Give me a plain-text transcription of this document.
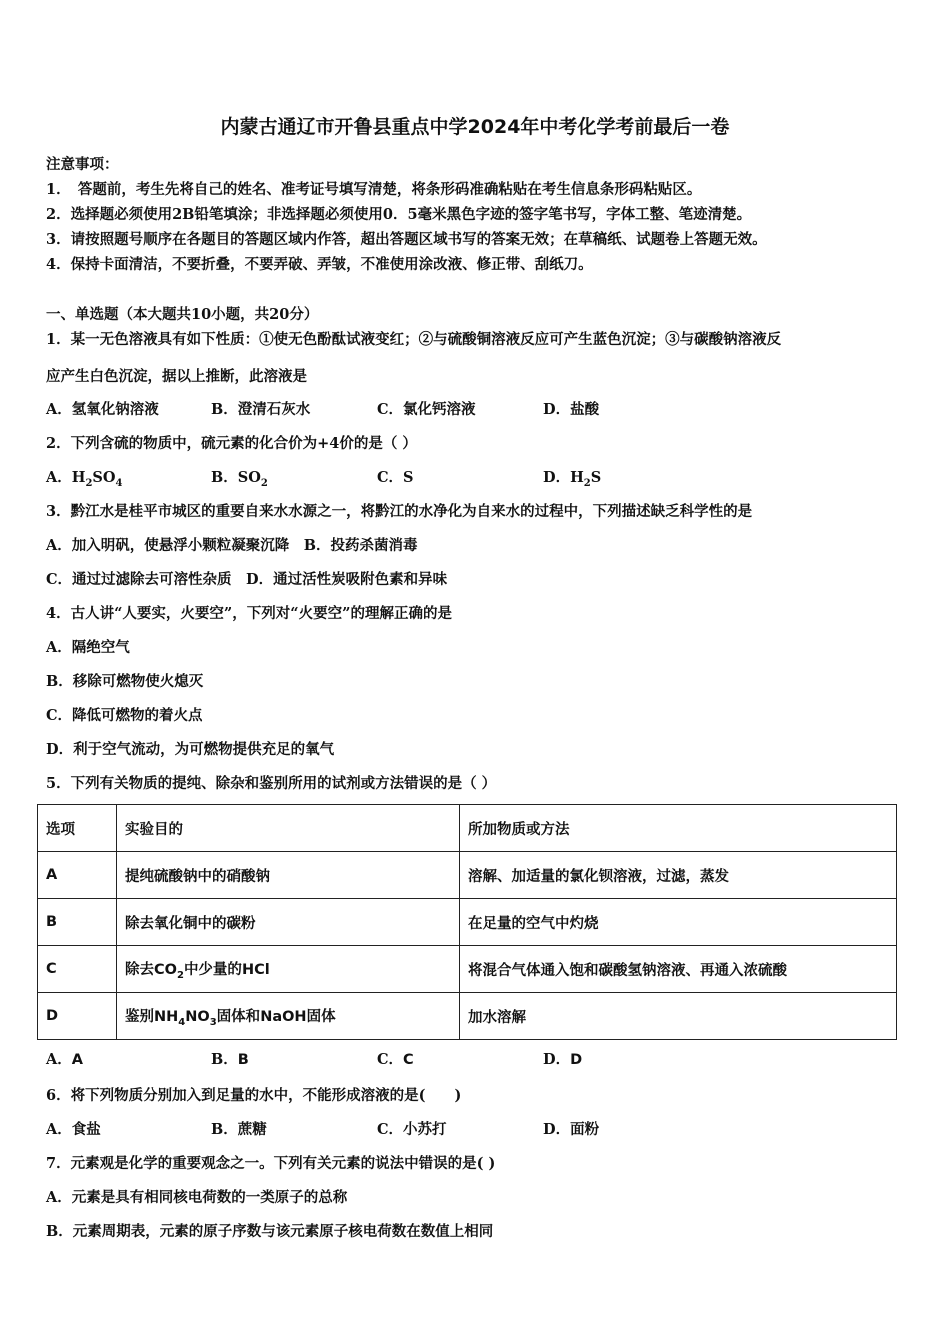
内蒙古通辽市开鲁县重点中学2024年中考化学考前最后一卷
注意事项：
1．　答题前，考生先将自己的姓名、准考证号填写清楚，将条形码准确粘贴在考生信息条形码粘贴区。
2．选择题必须使用2B铅笔填涂；非选择题必须使用0．5毫米黑色字迹的签字笔书写，字体工整、笔迹清楚。
3．请按照题号顺序在各题目的答题区域内作答，超出答题区域书写的答案无效；在草稿纸、试题卷上答题无效。
4．保持卡面清洁，不要折叠，不要弄破、弄皱，不准使用涂改液、修正带、刮纸刀。
一、单选题（本大题共10小题，共20分）
1．某一无色溶液具有如下性质：①使无色酚酞试液变红；②与硫酸铜溶液反应可产生蓝色沉淀；③与碳酸钠溶液反
应产生白色沉淀，据以上推断，此溶液是
A．氢氧化钠溶液	B．澄清石灰水	C．氯化钙溶液	D．盐酸
2．下列含硫的物质中，硫元素的化合价为+4价的是（ ）
A．$H_2SO_4$	B．$SO_2$	C．S	D．$H_2S$
3．黔江水是桂平市城区的重要自来水水源之一，将黔江的水净化为自来水的过程中，下列描述缺乏科学性的是
A．加入明矾，使悬浮小颗粒凝聚沉降　B．投药杀菌消毒
C．通过过滤除去可溶性杂质　D．通过活性炭吸附色素和异味
4．古人讲“人要实，火要空”，下列对“火要空”的理解正确的是
A．隔绝空气
B．移除可燃物使火熄灭
C．降低可燃物的着火点
D．利于空气流动，为可燃物提供充足的氧气
5．下列有关物质的提纯、除杂和鉴别所用的试剂或方法错误的是（ ）
选项	实验目的	所加物质或方法
A	提纯硫酸钠中的硝酸钠	溶解、加适量的氯化钡溶液，过滤，蒸发
B	除去氧化铜中的碳粉	在足量的空气中灼烧
C	除去$CO_2$中少量的HCl	将混合气体通入饱和碳酸氢钠溶液、再通入浓硫酸
D	鉴别$NH_4NO_3$固体和NaOH固体	加水溶解
A．A	B．B	C．C	D．D
6．将下列物质分别加入到足量的水中，不能形成溶液的是(　　)
A．食盐	B．蔗糖	C．小苏打	D．面粉
7．元素观是化学的重要观念之一。下列有关元素的说法中错误的是( )
A．元素是具有相同核电荷数的一类原子的总称
B．元素周期表，元素的原子序数与该元素原子核电荷数在数值上相同
